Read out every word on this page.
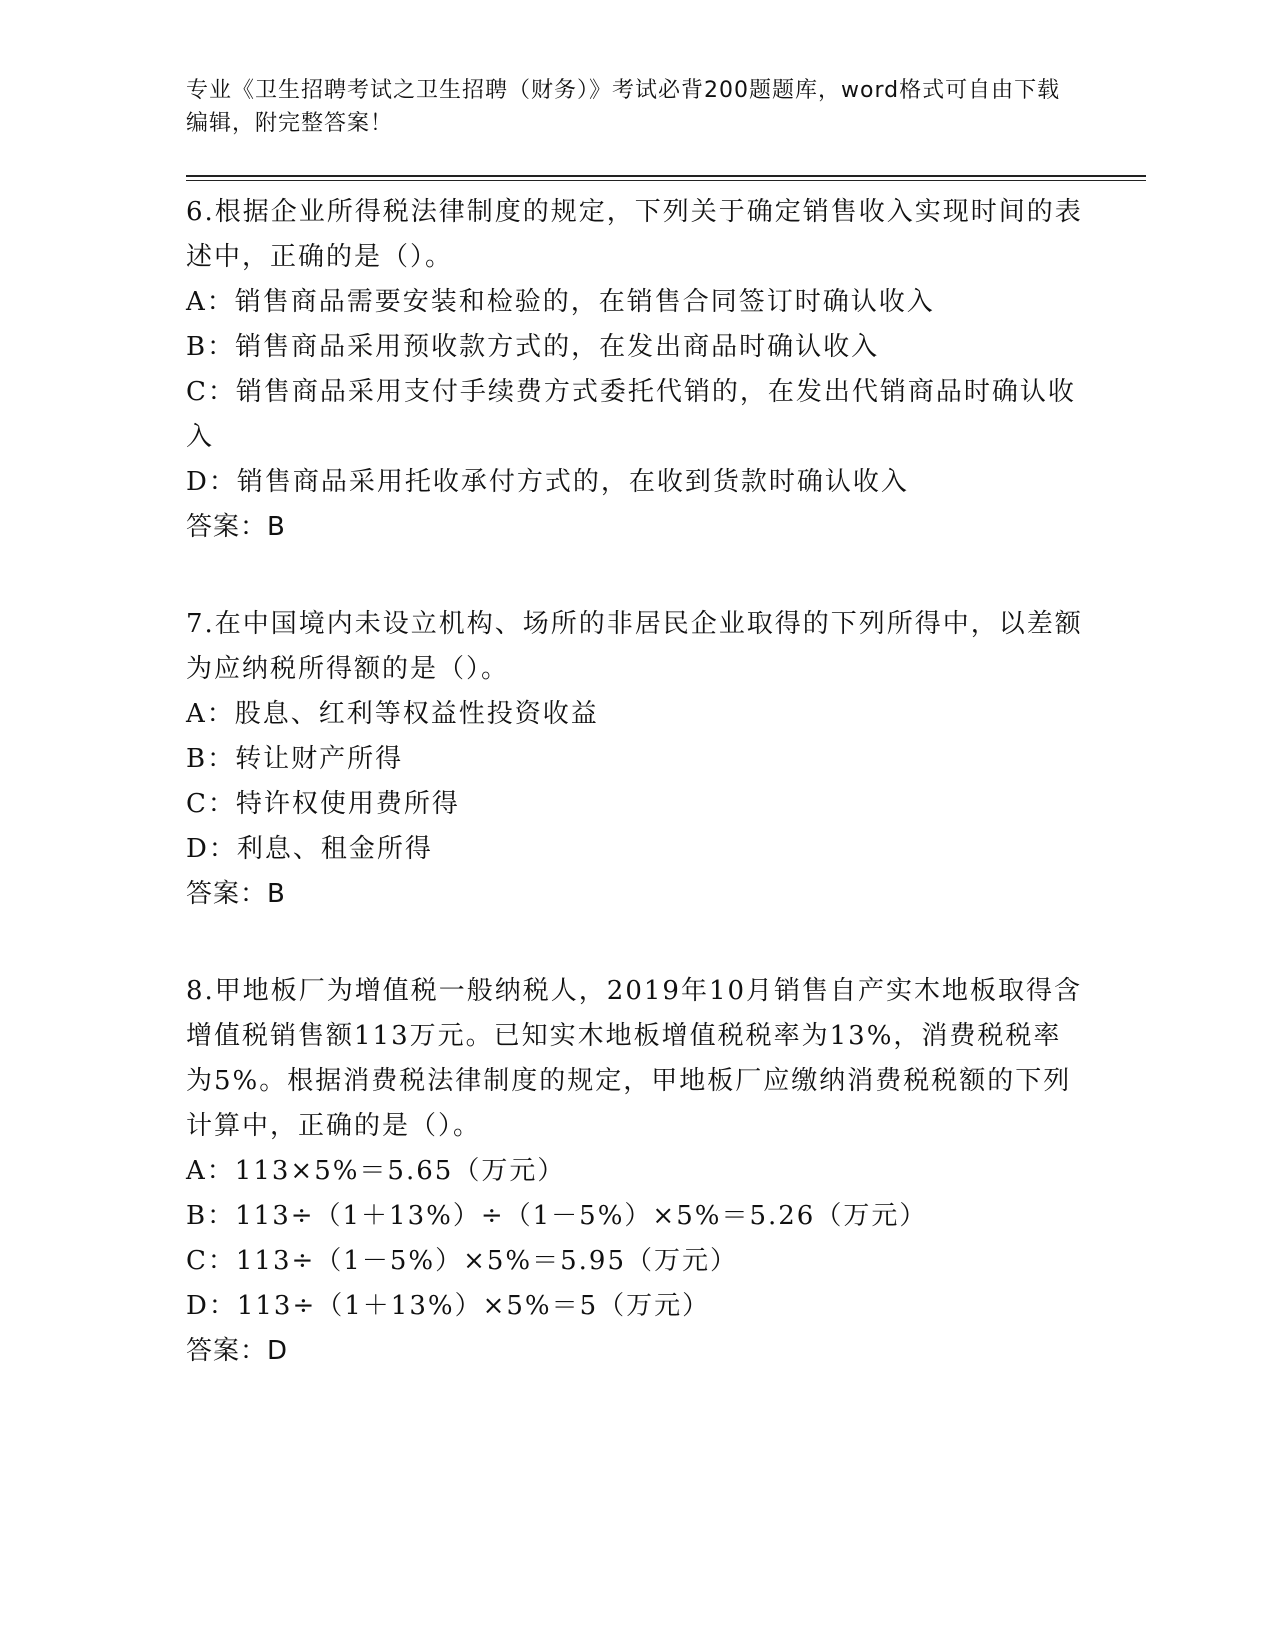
专业《卫生招聘考试之卫生招聘（财务）》考试必背200题题库，word格式可自由下载编辑，附完整答案！
6.根据企业所得税法律制度的规定，下列关于确定销售收入实现时间的表述中，正确的是（）。
A：销售商品需要安装和检验的，在销售合同签订时确认收入
B：销售商品采用预收款方式的，在发出商品时确认收入
C：销售商品采用支付手续费方式委托代销的，在发出代销商品时确认收入
D：销售商品采用托收承付方式的，在收到货款时确认收入
答案：B
7.在中国境内未设立机构、场所的非居民企业取得的下列所得中，以差额为应纳税所得额的是（）。
A：股息、红利等权益性投资收益
B：转让财产所得
C：特许权使用费所得
D：利息、租金所得
答案：B
8.甲地板厂为增值税一般纳税人，2019年10月销售自产实木地板取得含增值税销售额113万元。已知实木地板增值税税率为13%，消费税税率为5%。根据消费税法律制度的规定，甲地板厂应缴纳消费税税额的下列计算中，正确的是（）。
A：113×5%＝5.65（万元）
B：113÷（1＋13%）÷（1－5%）×5%＝5.26（万元）
C：113÷（1－5%）×5%＝5.95（万元）
D：113÷（1＋13%）×5%＝5（万元）
答案：D
